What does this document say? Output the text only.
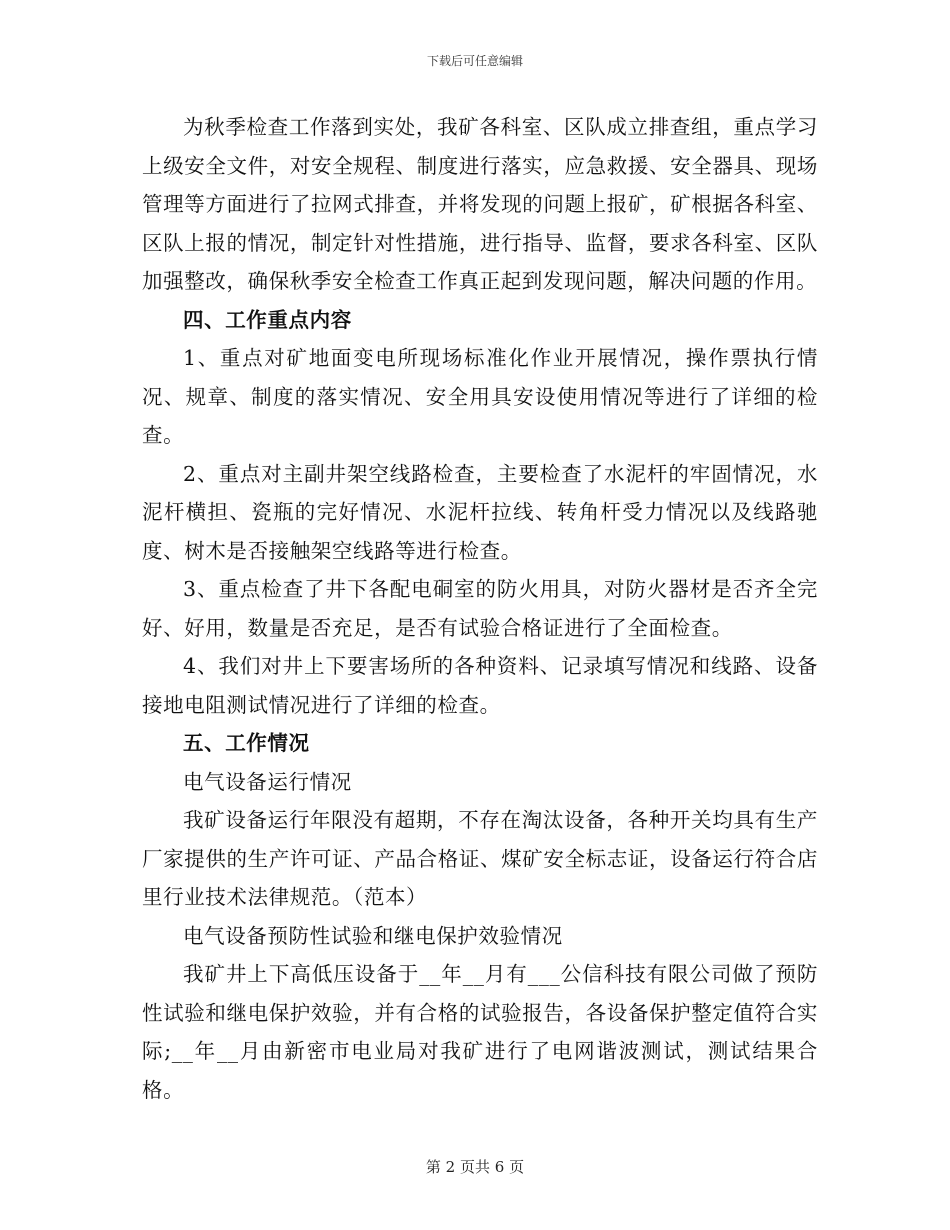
下载后可任意编辑

为秋季检查工作落到实处，我矿各科室、区队成立排查组，重点学习上级安全文件，对安全规程、制度进行落实，应急救援、安全器具、现场管理等方面进行了拉网式排查，并将发现的问题上报矿，矿根据各科室、区队上报的情况，制定针对性措施，进行指导、监督，要求各科室、区队加强整改，确保秋季安全检查工作真正起到发现问题，解决问题的作用。

四、工作重点内容

1、重点对矿地面变电所现场标准化作业开展情况，操作票执行情况、规章、制度的落实情况、安全用具安设使用情况等进行了详细的检查。

2、重点对主副井架空线路检查，主要检查了水泥杆的牢固情况，水泥杆横担、瓷瓶的完好情况、水泥杆拉线、转角杆受力情况以及线路驰度、树木是否接触架空线路等进行检查。

3、重点检查了井下各配电硐室的防火用具，对防火器材是否齐全完好、好用，数量是否充足，是否有试验合格证进行了全面检查。

4、我们对井上下要害场所的各种资料、记录填写情况和线路、设备接地电阻测试情况进行了详细的检查。

五、工作情况

电气设备运行情况

我矿设备运行年限没有超期，不存在淘汰设备，各种开关均具有生产厂家提供的生产许可证、产品合格证、煤矿安全标志证，设备运行符合店里行业技术法律规范。（范本）

电气设备预防性试验和继电保护效验情况

我矿井上下高低压设备于__年__月有___公信科技有限公司做了预防性试验和继电保护效验，并有合格的试验报告，各设备保护整定值符合实际;__年__月由新密市电业局对我矿进行了电网谐波测试，测试结果合格。

第 2 页共 6 页
